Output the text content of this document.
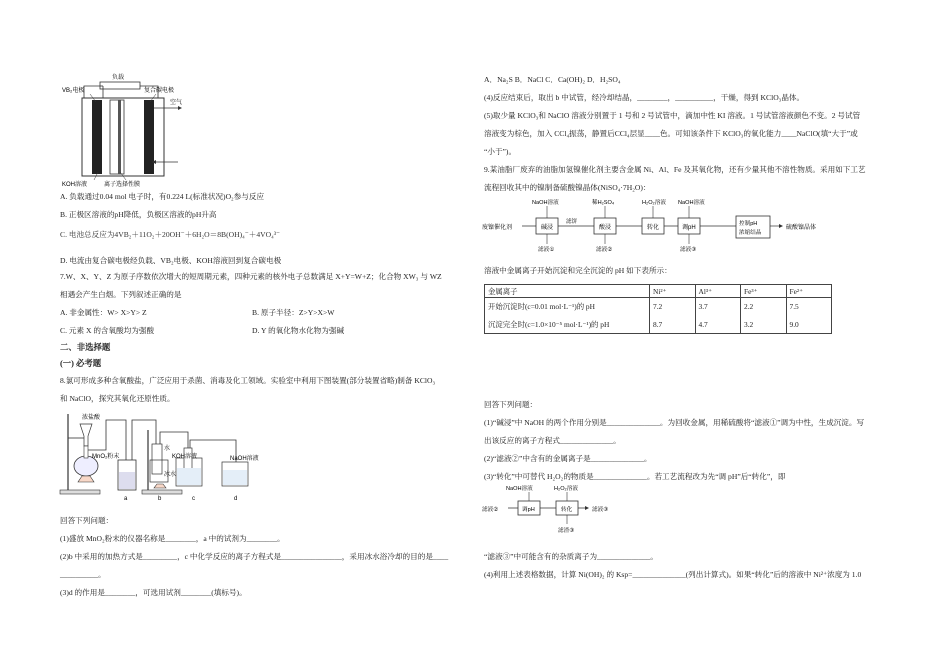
负载
VB₂电极	复合碳电极
空气
KOH溶液	离子选择性膜
A. 负载通过0.04 mol 电子时，有0.224 L(标准状况)O₂参与反应
B. 正极区溶液的pH降低，负极区溶液的pH升高
C. 电池总反应为4VB₂＋11O₂＋20OH⁻＋6H₂O＝8B(OH)₄⁻＋4VO₄³⁻
D. 电流由复合碳电极经负载、VB₂电极、KOH溶液回到复合碳电极
7.W、X、Y、Z 为原子序数依次增大的短周期元素，四种元素的核外电子总数满足 X+Y=W+Z；化合物 XW₃ 与 WZ
相遇会产生白烟。下列叙述正确的是
A. 非金属性：W> X>Y> Z	B. 原子半径：Z>Y>X>W
C. 元素 X 的含氧酸均为强酸	D. Y 的氧化物水化物为强碱
二、非选择题
(一) 必考题
8.氯可形成多种含氧酸盐，广泛应用于杀菌、消毒及化工领域。实验室中利用下图装置(部分装置省略)制备 KClO₃
和 NaClO，探究其氧化还原性质。
浓盐酸
MnO₂粉末
水
KOH溶液	NaOH溶液
冰水
a	b	c	d
回答下列问题：
(1)盛放 MnO₂粉末的仪器名称是________，a 中的试剂为________。
(2)b 中采用的加热方式是_________，c 中化学反应的离子方程式是________________，采用冰水浴冷却的目的是____
__________。
(3)d 的作用是________，可选用试剂________(填标号)。
A．Na₂S B．NaCl C．Ca(OH)₂ D．H₂SO₄
(4)反应结束后，取出 b 中试管，经冷却结晶，________，__________，干燥，得到 KClO₃晶体。
(5)取少量 KClO₃和 NaClO 溶液分别置于 1 号和 2 号试管中，滴加中性 KI 溶液。1 号试管溶液颜色不变。2 号试管
溶液变为棕色，加入 CCl₄振荡，静置后CCl₄层显____色。可知该条件下 KClO₃的氧化能力____NaClO(填“大于”或
“小于”)。
9.某油脂厂废弃的油脂加氢镍催化剂主要含金属 Ni、Al、Fe 及其氧化物，还有少量其他不溶性物质。采用如下工艺
流程回收其中的镍制备硫酸镍晶体(NiSO₄·7H₂O)：
废镍催化剂
NaOH溶液
碱浸
滤液①
滤饼
稀H₂SO₄
酸浸
滤液②
H₂O₂溶液
转化
NaOH溶液
调pH
滤液③
控制pH
浓缩结晶
硫酸镍晶体
溶液中金属离子开始沉淀和完全沉淀的 pH 如下表所示：
金属离子	Ni²⁺	Al³⁺	Fe³⁺	Fe²⁺
开始沉淀时(c=0.01 mol·L⁻¹)的 pH	7.2	3.7	2.2	7.5
沉淀完全时(c=1.0×10⁻⁵ mol·L⁻¹)的 pH	8.7	4.7	3.2	9.0
回答下列问题：
(1)“碱浸”中 NaOH 的两个作用分别是______________。为回收金属，用稀硫酸将“滤液①”调为中性，生成沉淀。写
出该反应的离子方程式______________。
(2)“滤液②”中含有的金属离子是______________。
(3)“转化”中可替代 H₂O₂的物质是______________。若工艺流程改为先“调 pH”后“转化”，即
NaOH溶液	H₂O₂溶液
滤液②	调pH	转化	滤液③
滤渣③
“滤液③”中可能含有的杂质离子为______________。
(4)利用上述表格数据，计算 Ni(OH)₂ 的 Ksp=______________(列出计算式)。如果“转化”后的溶液中 Ni²⁺浓度为 1.0
